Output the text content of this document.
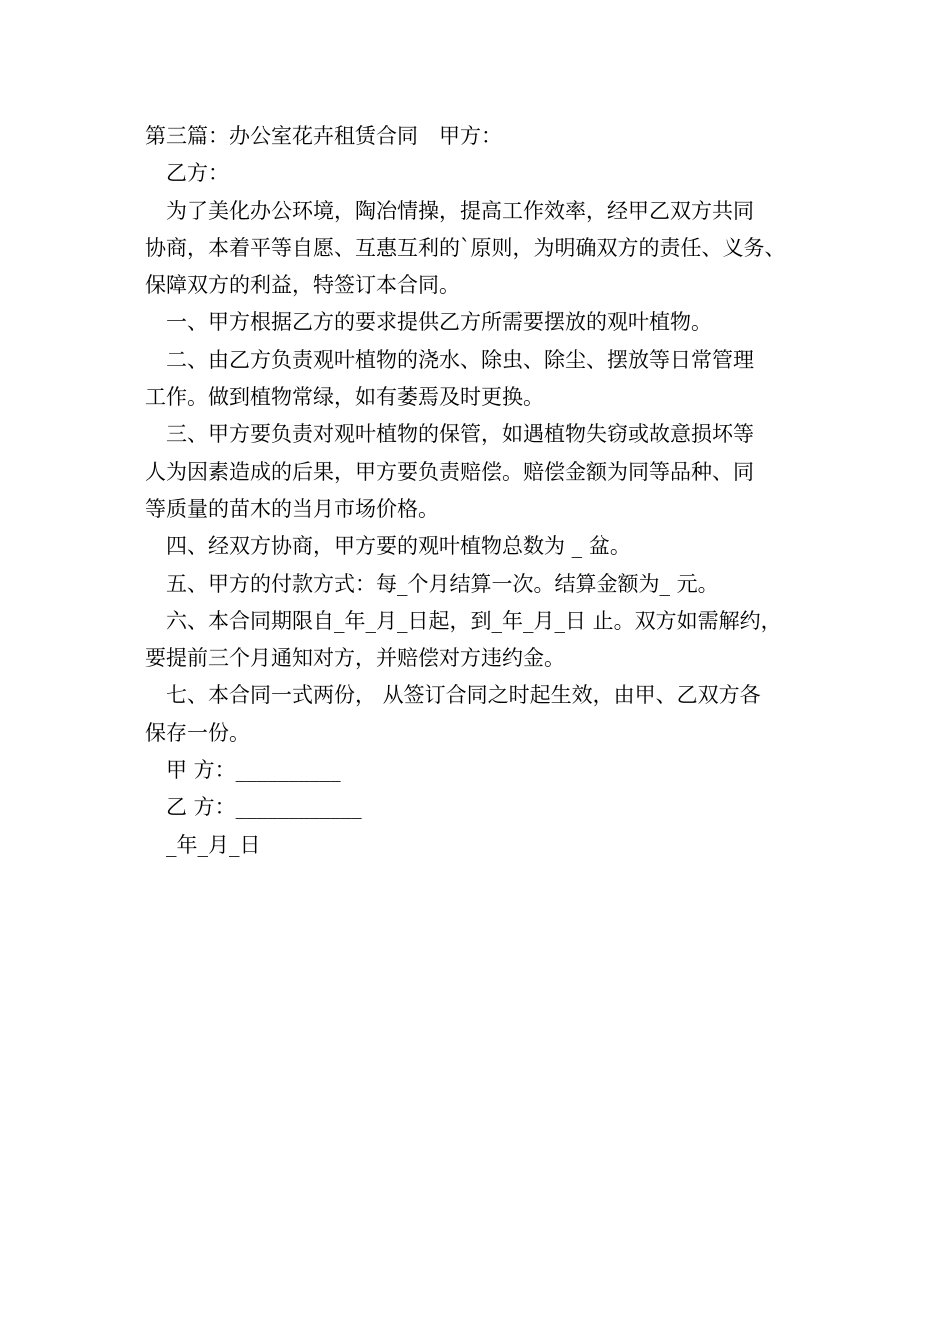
第三篇：办公室花卉租赁合同　甲方：
　乙方：
　为了美化办公环境，陶冶情操，提高工作效率，经甲乙双方共同
协商，本着平等自愿、互惠互利的`原则，为明确双方的责任、义务、
保障双方的利益，特签订本合同。
　一、甲方根据乙方的要求提供乙方所需要摆放的观叶植物。
　二、由乙方负责观叶植物的浇水、除虫、除尘、摆放等日常管理
工作。做到植物常绿，如有萎焉及时更换。
　三、甲方要负责对观叶植物的保管，如遇植物失窃或故意损坏等
人为因素造成的后果，甲方要负责赔偿。赔偿金额为同等品种、同
等质量的苗木的当月市场价格。
　四、经双方协商，甲方要的观叶植物总数为 _ 盆。
　五、甲方的付款方式：每_个月结算一次。结算金额为_ 元。
　六、本合同期限自_年_月_日起，到_年_月_日 止。双方如需解约，
要提前三个月通知对方，并赔偿对方违约金。
　七、本合同一式两份， 从签订合同之时起生效，由甲、乙双方各
保存一份。
　甲 方：__________
　乙 方：____________
　_年_月_日
